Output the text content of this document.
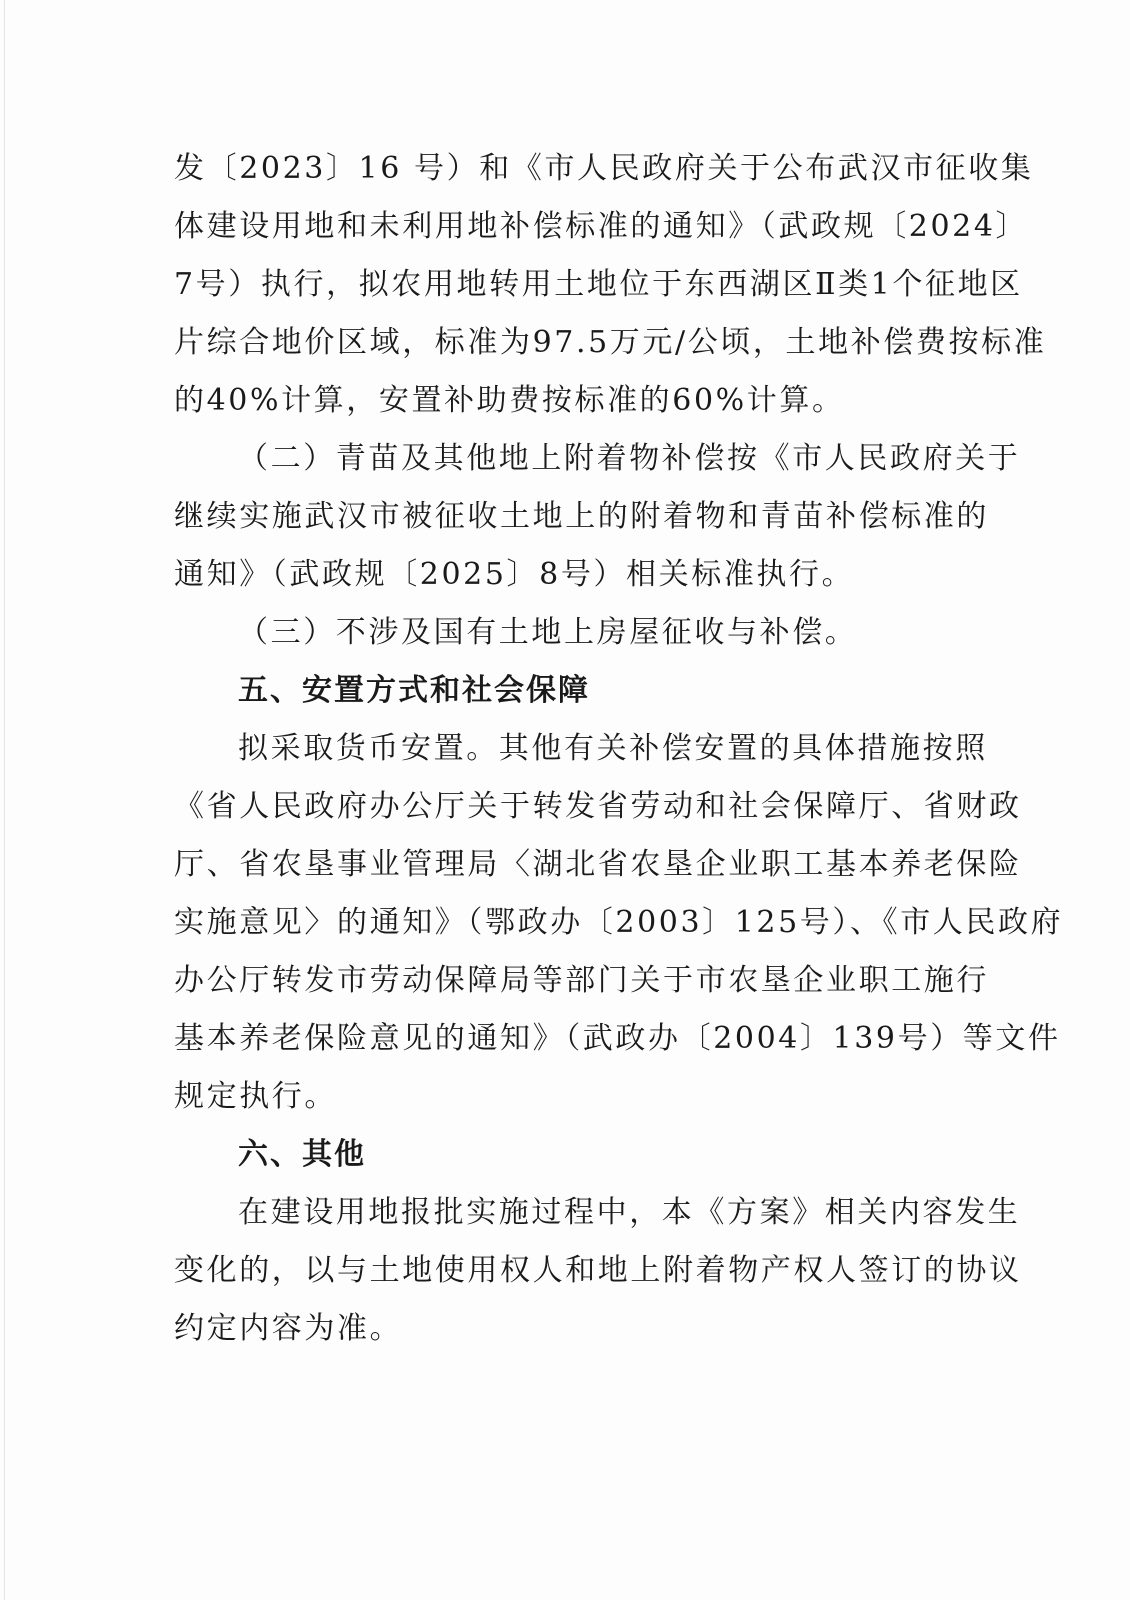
发〔2023〕16 号）和《市人民政府关于公布武汉市征收集
体建设用地和未利用地补偿标准的通知》（武政规〔2024〕
7号）执行，拟农用地转用土地位于东西湖区Ⅱ类1个征地区
片综合地价区域，标准为97.5万元/公顷，土地补偿费按标准
的40%计算，安置补助费按标准的60%计算。
（二）青苗及其他地上附着物补偿按《市人民政府关于
继续实施武汉市被征收土地上的附着物和青苗补偿标准的
通知》（武政规〔2025〕8号）相关标准执行。
（三）不涉及国有土地上房屋征收与补偿。
五、安置方式和社会保障
拟采取货币安置。其他有关补偿安置的具体措施按照
《省人民政府办公厅关于转发省劳动和社会保障厅、省财政
厅、省农垦事业管理局〈湖北省农垦企业职工基本养老保险
实施意见〉的通知》（鄂政办〔2003〕125号）、《市人民政府
办公厅转发市劳动保障局等部门关于市农垦企业职工施行
基本养老保险意见的通知》（武政办〔2004〕139号）等文件
规定执行。
六、其他
在建设用地报批实施过程中，本《方案》相关内容发生
变化的，以与土地使用权人和地上附着物产权人签订的协议
约定内容为准。
